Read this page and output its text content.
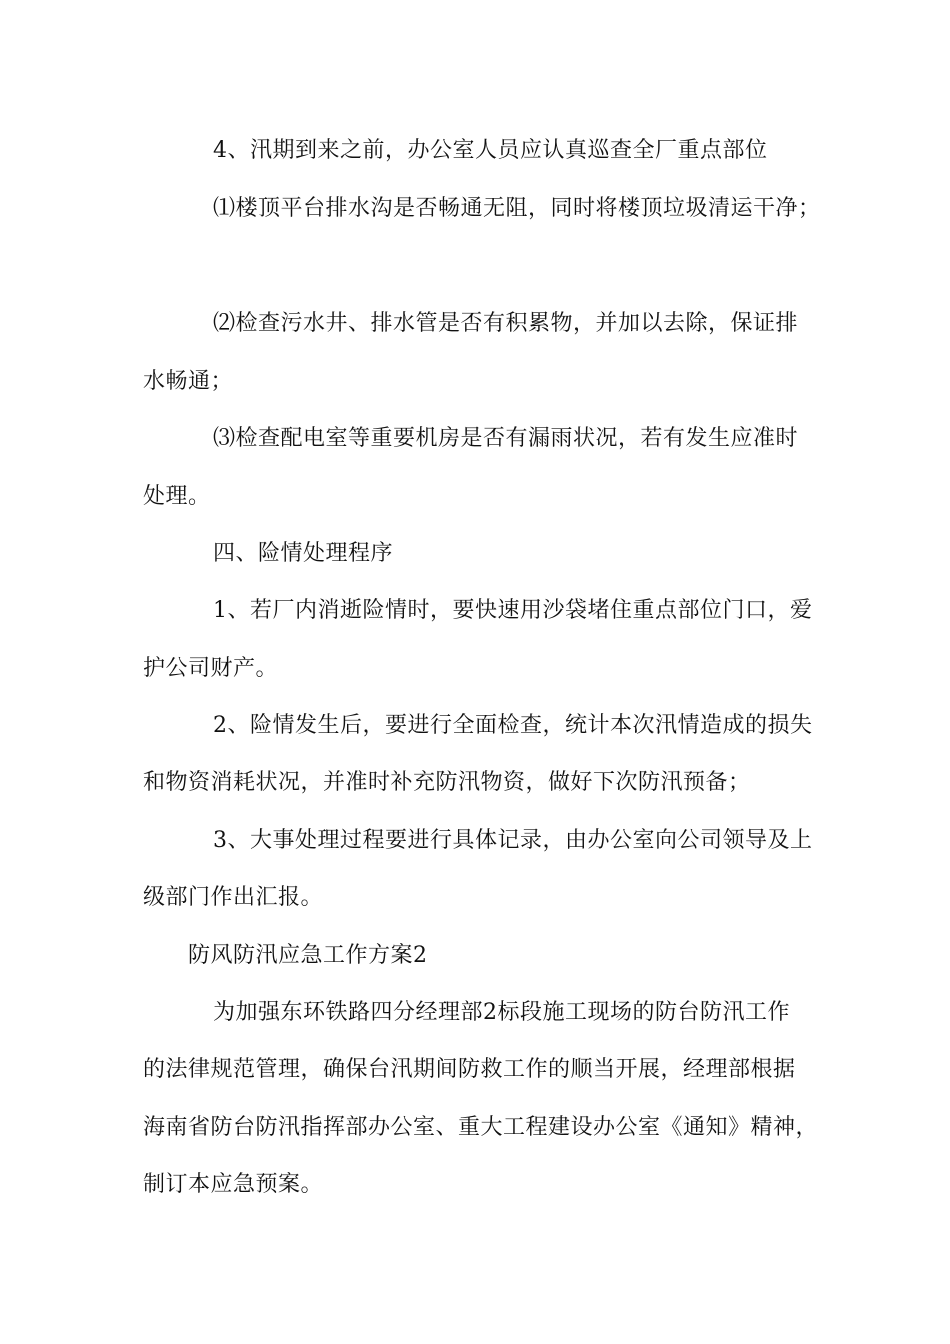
4、汛期到来之前，办公室人员应认真巡查全厂重点部位

⑴楼顶平台排水沟是否畅通无阻，同时将楼顶垃圾清运干净；

⑵检查污水井、排水管是否有积累物，并加以去除，保证排

水畅通；

⑶检查配电室等重要机房是否有漏雨状况，若有发生应准时

处理。

四、险情处理程序

1、若厂内消逝险情时，要快速用沙袋堵住重点部位门口，爱

护公司财产。

2、险情发生后，要进行全面检查，统计本次汛情造成的损失

和物资消耗状况，并准时补充防汛物资，做好下次防汛预备；

3、大事处理过程要进行具体记录，由办公室向公司领导及上

级部门作出汇报。

防风防汛应急工作方案2

为加强东环铁路四分经理部2标段施工现场的防台防汛工作

的法律规范管理，确保台汛期间防救工作的顺当开展，经理部根据

海南省防台防汛指挥部办公室、重大工程建设办公室《通知》精神，

制订本应急预案。
